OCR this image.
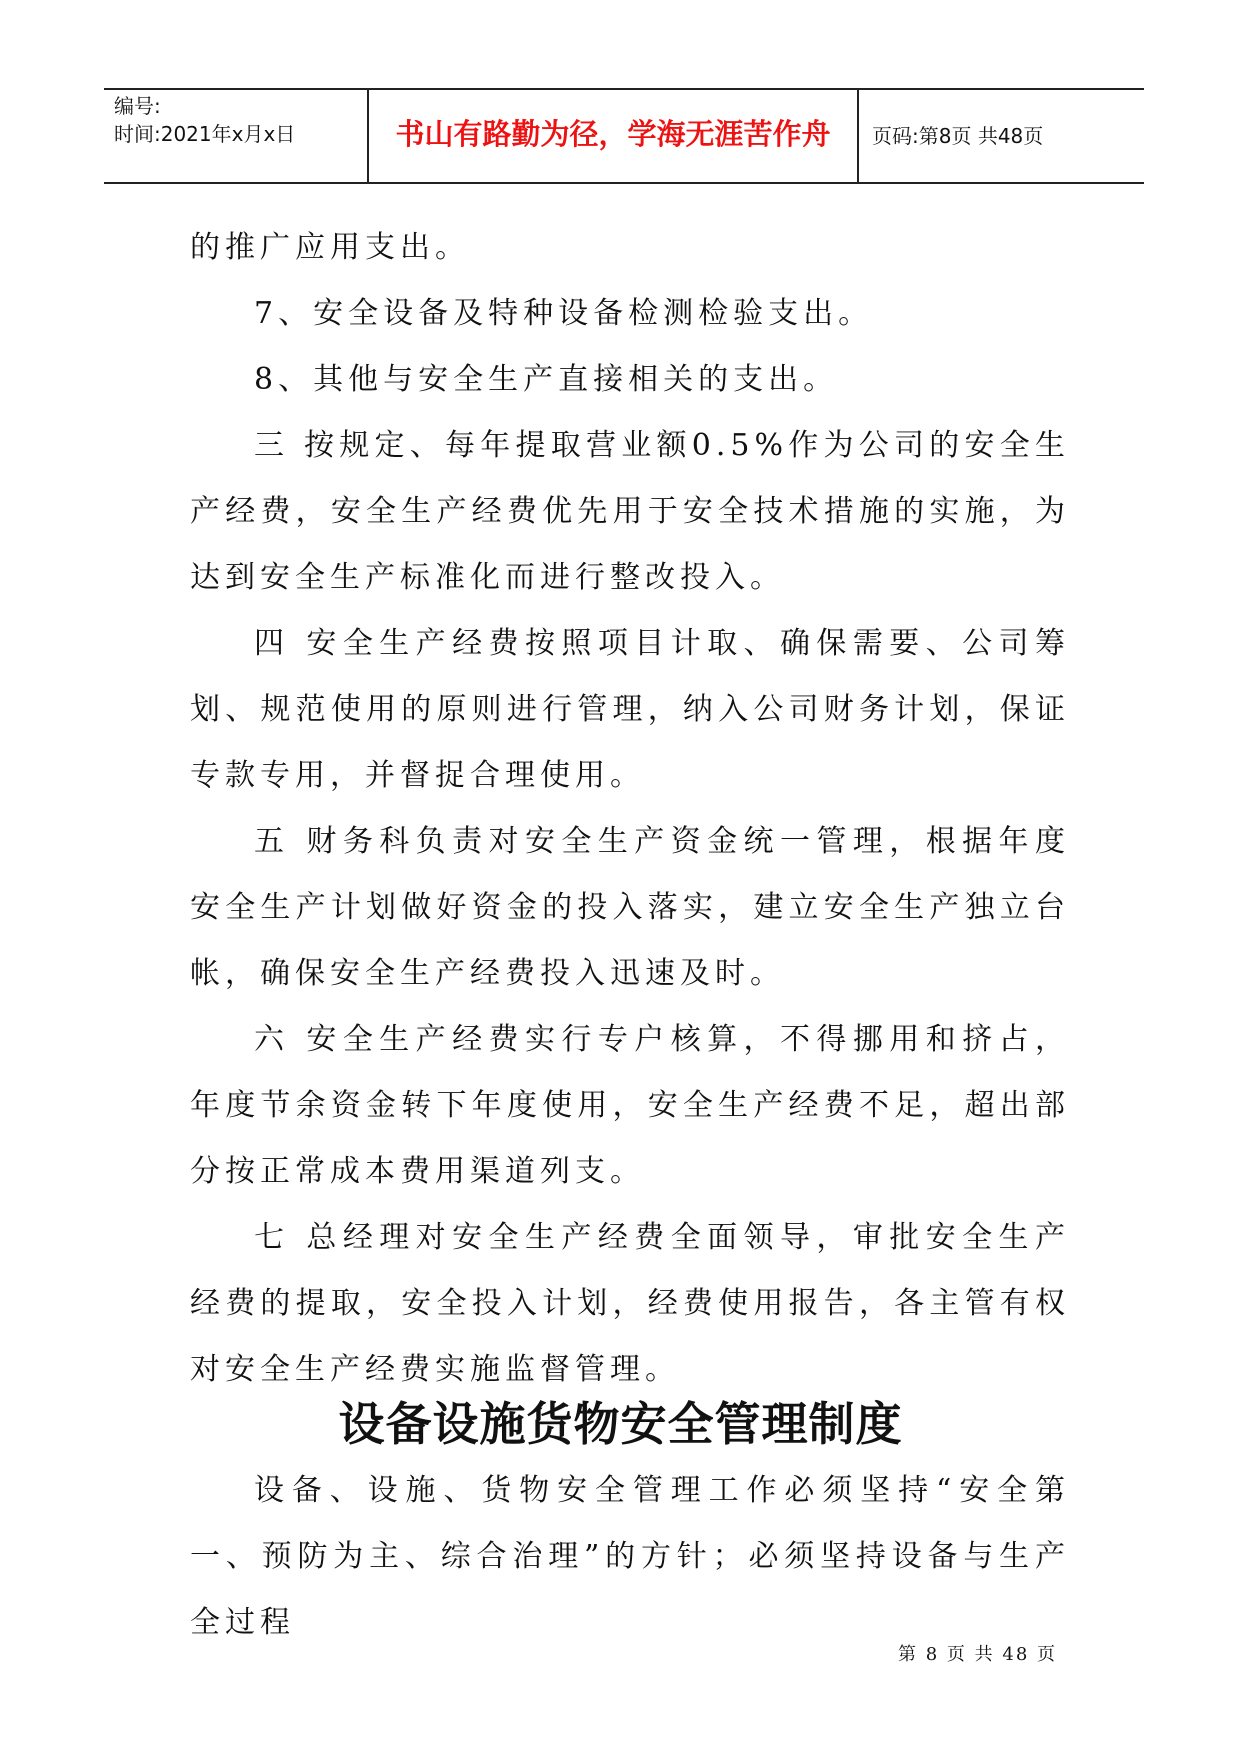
编号:
时间:2021年x月x日	书山有路勤为径，学海无涯苦作舟	页码:第8页 共48页

的推广应用支出。

7、安全设备及特种设备检测检验支出。

8、其他与安全生产直接相关的支出。

三 按规定、每年提取营业额0.5%作为公司的安全生产经费，安全生产经费优先用于安全技术措施的实施，为达到安全生产标准化而进行整改投入。

四 安全生产经费按照项目计取、确保需要、公司筹划、规范使用的原则进行管理，纳入公司财务计划，保证专款专用，并督捉合理使用。

五 财务科负责对安全生产资金统一管理，根据年度安全生产计划做好资金的投入落实，建立安全生产独立台帐，确保安全生产经费投入迅速及时。

六 安全生产经费实行专户核算，不得挪用和挤占，年度节余资金转下年度使用，安全生产经费不足，超出部分按正常成本费用渠道列支。

七 总经理对安全生产经费全面领导，审批安全生产经费的提取，安全投入计划，经费使用报告，各主管有权对安全生产经费实施监督管理。

设备设施货物安全管理制度

设备、设施、货物安全管理工作必须坚持“安全第一、预防为主、综合治理”的方针；必须坚持设备与生产全过程

第 8 页 共 48 页
